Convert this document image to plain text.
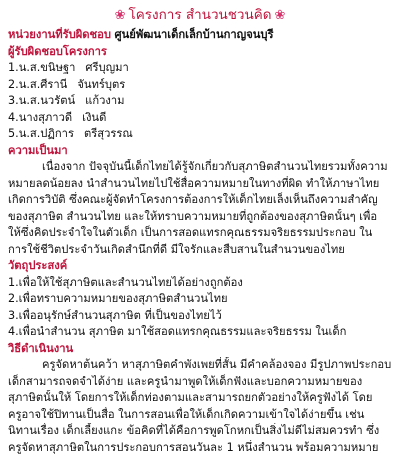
❀ โครงการ สำนวนชวนคิด ❀
หน่วยงานที่รับผิดชอบ ศูนย์พัฒนาเด็กเล็กบ้านกาญจนบุรี
ผู้รับผิดชอบโครงการ
1.น.ส.ขนิษฐา ศรีบุญมา
2.น.ส.ศีรานี จันทร์บุตร
3.น.ส.นวรัตน์ แก้วงาม
4.นางสุภาวดี เงินดี
5.น.ส.ปฏิการ ตรีสุวรรณ
ความเป็นมา
เนื่องจาก ปัจจุบันนี้เด็กไทยได้รู้จักเกี่ยวกับสุภาษิตสำนวนไทยรวมทั้งความ
หมายลดน้อยลง นำสำนวนไทยไปใช้สื่อความหมายในทางที่ผิด ทำให้ภาษาไทย
เกิดการวิบัติ ซึ่งคณะผู้จัดทำโครงการต้องการให้เด็กไทยเล็งเห็นถึงความสำคัญ
ของสุภาษิต สำนวนไทย และให้ทราบความหมายที่ถูกต้องของสุภาษิตนั้นๆ เพื่อ
ให้ซึ่งคิดประจำใจในตัวเด็ก เป็นการสอดแทรกคุณธรรมจริยธรรมประกอบ ใน
การใช้ชีวิตประจำวันเกิดสำนึกที่ดี มีใจรักและสืบสานในสำนวนของไทย
วัตถุประสงค์
1.เพื่อให้ใช้สุภาษิตและสำนวนไทยได้อย่างถูกต้อง
2.เพื่อทราบความหมายของสุภาษิตสำนวนไทย
3.เพื่ออนุรักษ์สำนวนสุภาษิต ที่เป็นของไทยไว้
4.เพื่อนำสำนวน สุภาษิต มาใช้สอดแทรกคุณธรรมและจริยธรรม ในเด็ก
วิธีดำเนินงาน
ครูจัดหาต้นคว้า หาสุภาษิตคำพังเพยที่สั้น มีคำคล้องจอง มีรูปภาพประกอบ
เด็กสามารถจดจำได้ง่าย และครูนำมาพูดให้เด็กฟังและบอกความหมายของ
สุภาษิตนั้นให้ โดยการให้เด็กท่องตามและสามารถยกตัวอย่างให้ครูฟังได้ โดย
ครูอาจใช้ปิทานเป็นสื่อ ในการสอนเพื่อให้เด็กเกิดความเข้าใจได้ง่ายขึ้น เช่น
นิทานเรื่อง เด็กเลี้ยงแกะ ข้อคิดที่ได้คือการพูดโกหกเป็นสิ่งไม่ดีไม่สมควรทำ ซึ่ง
ครูจัดหาสุภาษิตในการประกอบการสอนวันละ 1 หนึ่งสำนวน พร้อมความหมาย
